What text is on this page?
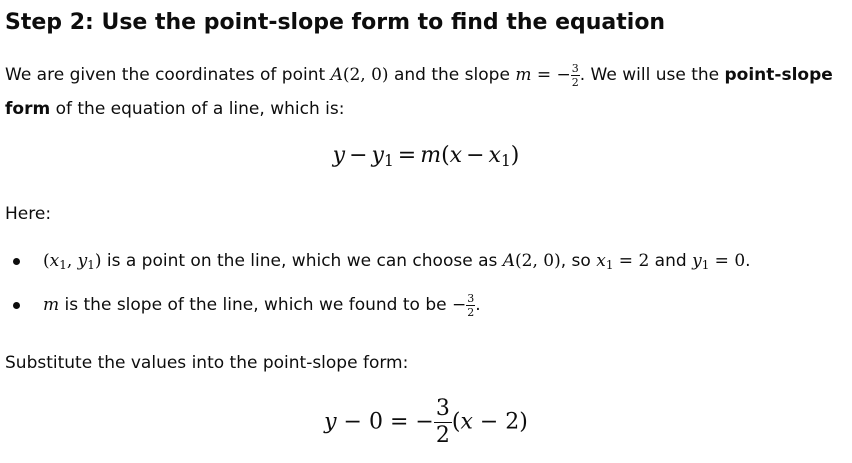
Step 2: Use the point-slope form to find the equation

We are given the coordinates of point A(2, 0) and the slope m = − $\frac{3}{2}$ . We will use the point-slope form of the equation of a line, which is:

$y - y_1 = m(x - x_1)$

Here:

($x_1$, $y_1$) is a point on the line, which we can choose as A(2, 0), so $x_1 = 2$ and $y_1 = 0$.
m is the slope of the line, which we found to be − $\frac{3}{2}$ .

Substitute the values into the point-slope form:

y − 0 = − $\frac{3}{2} (x - 2)$
